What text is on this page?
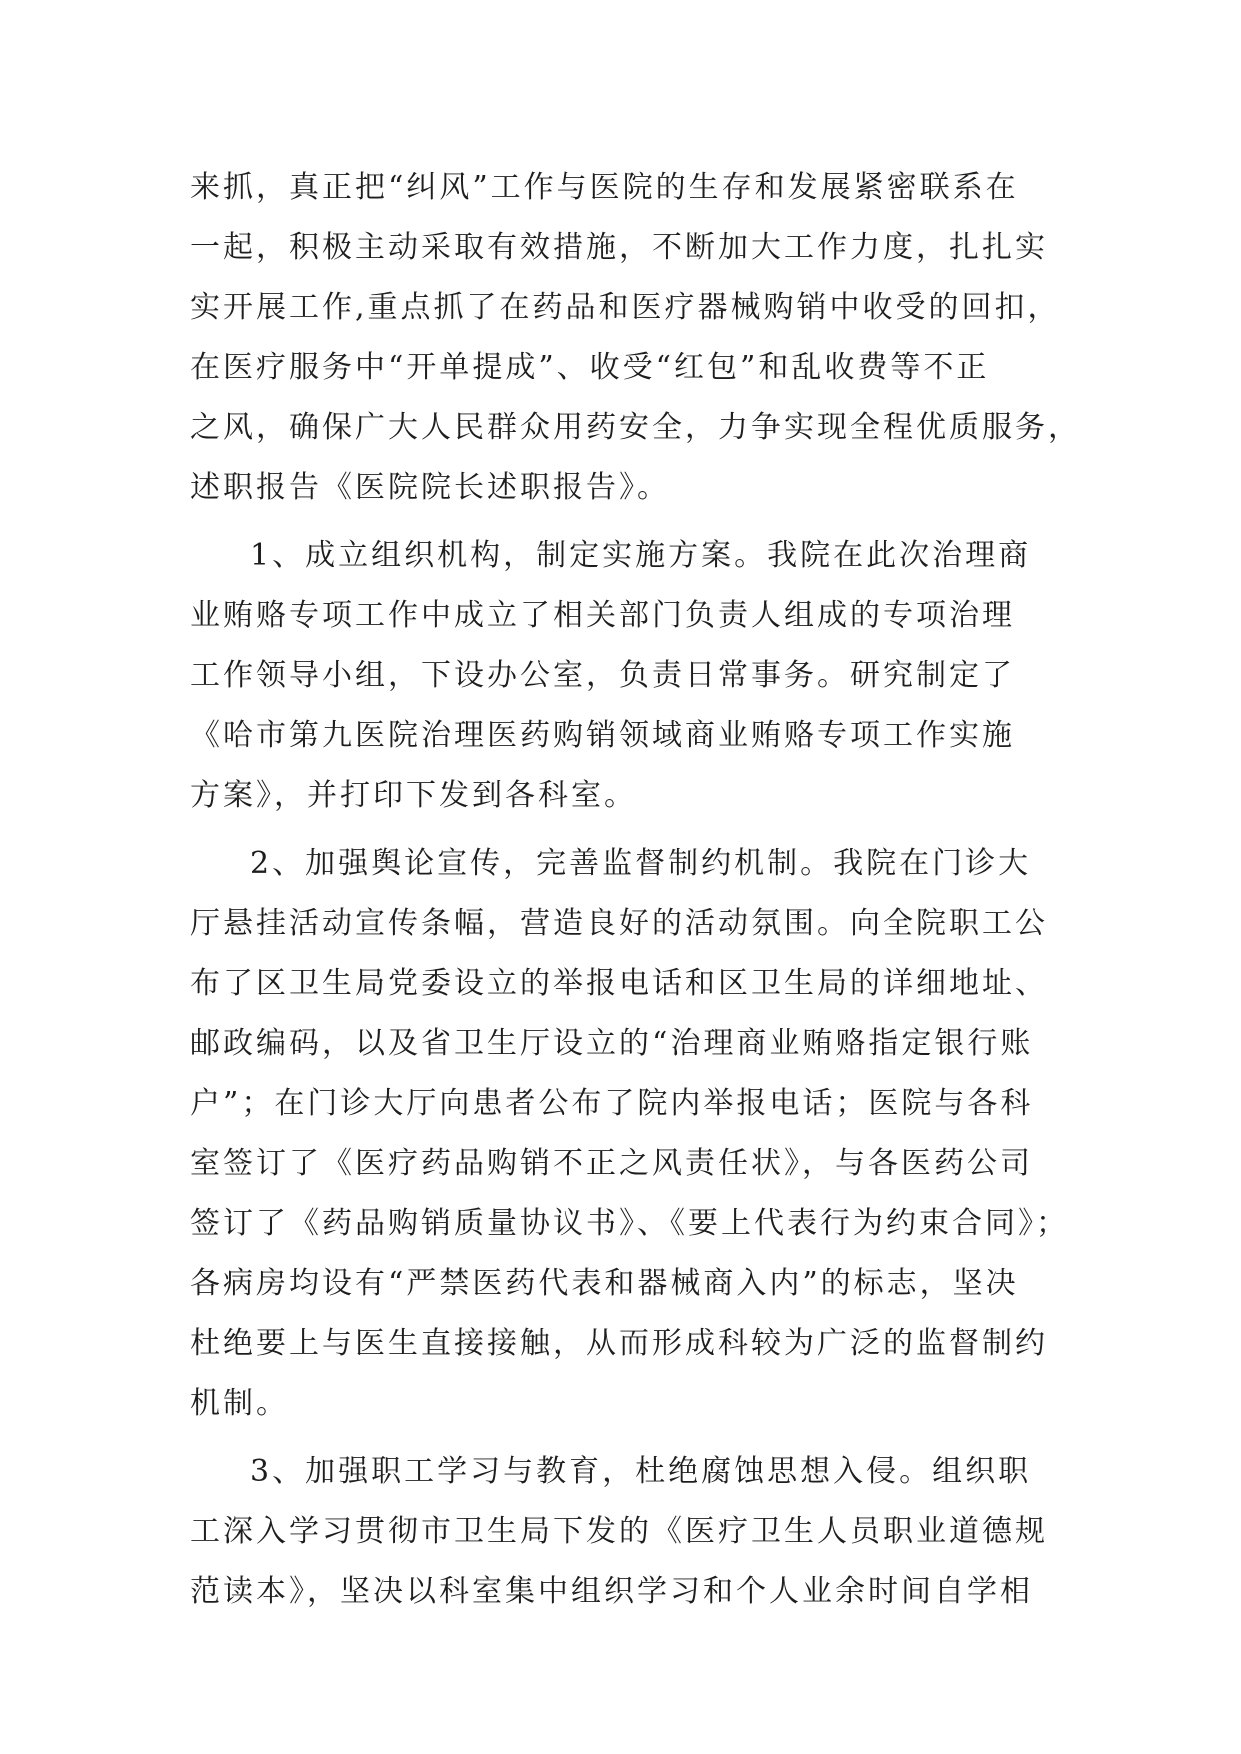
来抓，真正把“纠风”工作与医院的生存和发展紧密联系在
一起，积极主动采取有效措施，不断加大工作力度，扎扎实
实开展工作,重点抓了在药品和医疗器械购销中收受的回扣，
在医疗服务中“开单提成”、收受“红包”和乱收费等不正
之风，确保广大人民群众用药安全，力争实现全程优质服务，
述职报告《医院院长述职报告》。
1、成立组织机构，制定实施方案。我院在此次治理商
业贿赂专项工作中成立了相关部门负责人组成的专项治理
工作领导小组，下设办公室，负责日常事务。研究制定了
《哈市第九医院治理医药购销领域商业贿赂专项工作实施
方案》，并打印下发到各科室。
2、加强舆论宣传，完善监督制约机制。我院在门诊大
厅悬挂活动宣传条幅，营造良好的活动氛围。向全院职工公
布了区卫生局党委设立的举报电话和区卫生局的详细地址、
邮政编码，以及省卫生厅设立的“治理商业贿赂指定银行账
户”；在门诊大厅向患者公布了院内举报电话；医院与各科
室签订了《医疗药品购销不正之风责任状》，与各医药公司
签订了《药品购销质量协议书》、《要上代表行为约束合同》；
各病房均设有“严禁医药代表和器械商入内”的标志，坚决
杜绝要上与医生直接接触，从而形成科较为广泛的监督制约
机制。
3、加强职工学习与教育，杜绝腐蚀思想入侵。组织职
工深入学习贯彻市卫生局下发的《医疗卫生人员职业道德规
范读本》，坚决以科室集中组织学习和个人业余时间自学相
